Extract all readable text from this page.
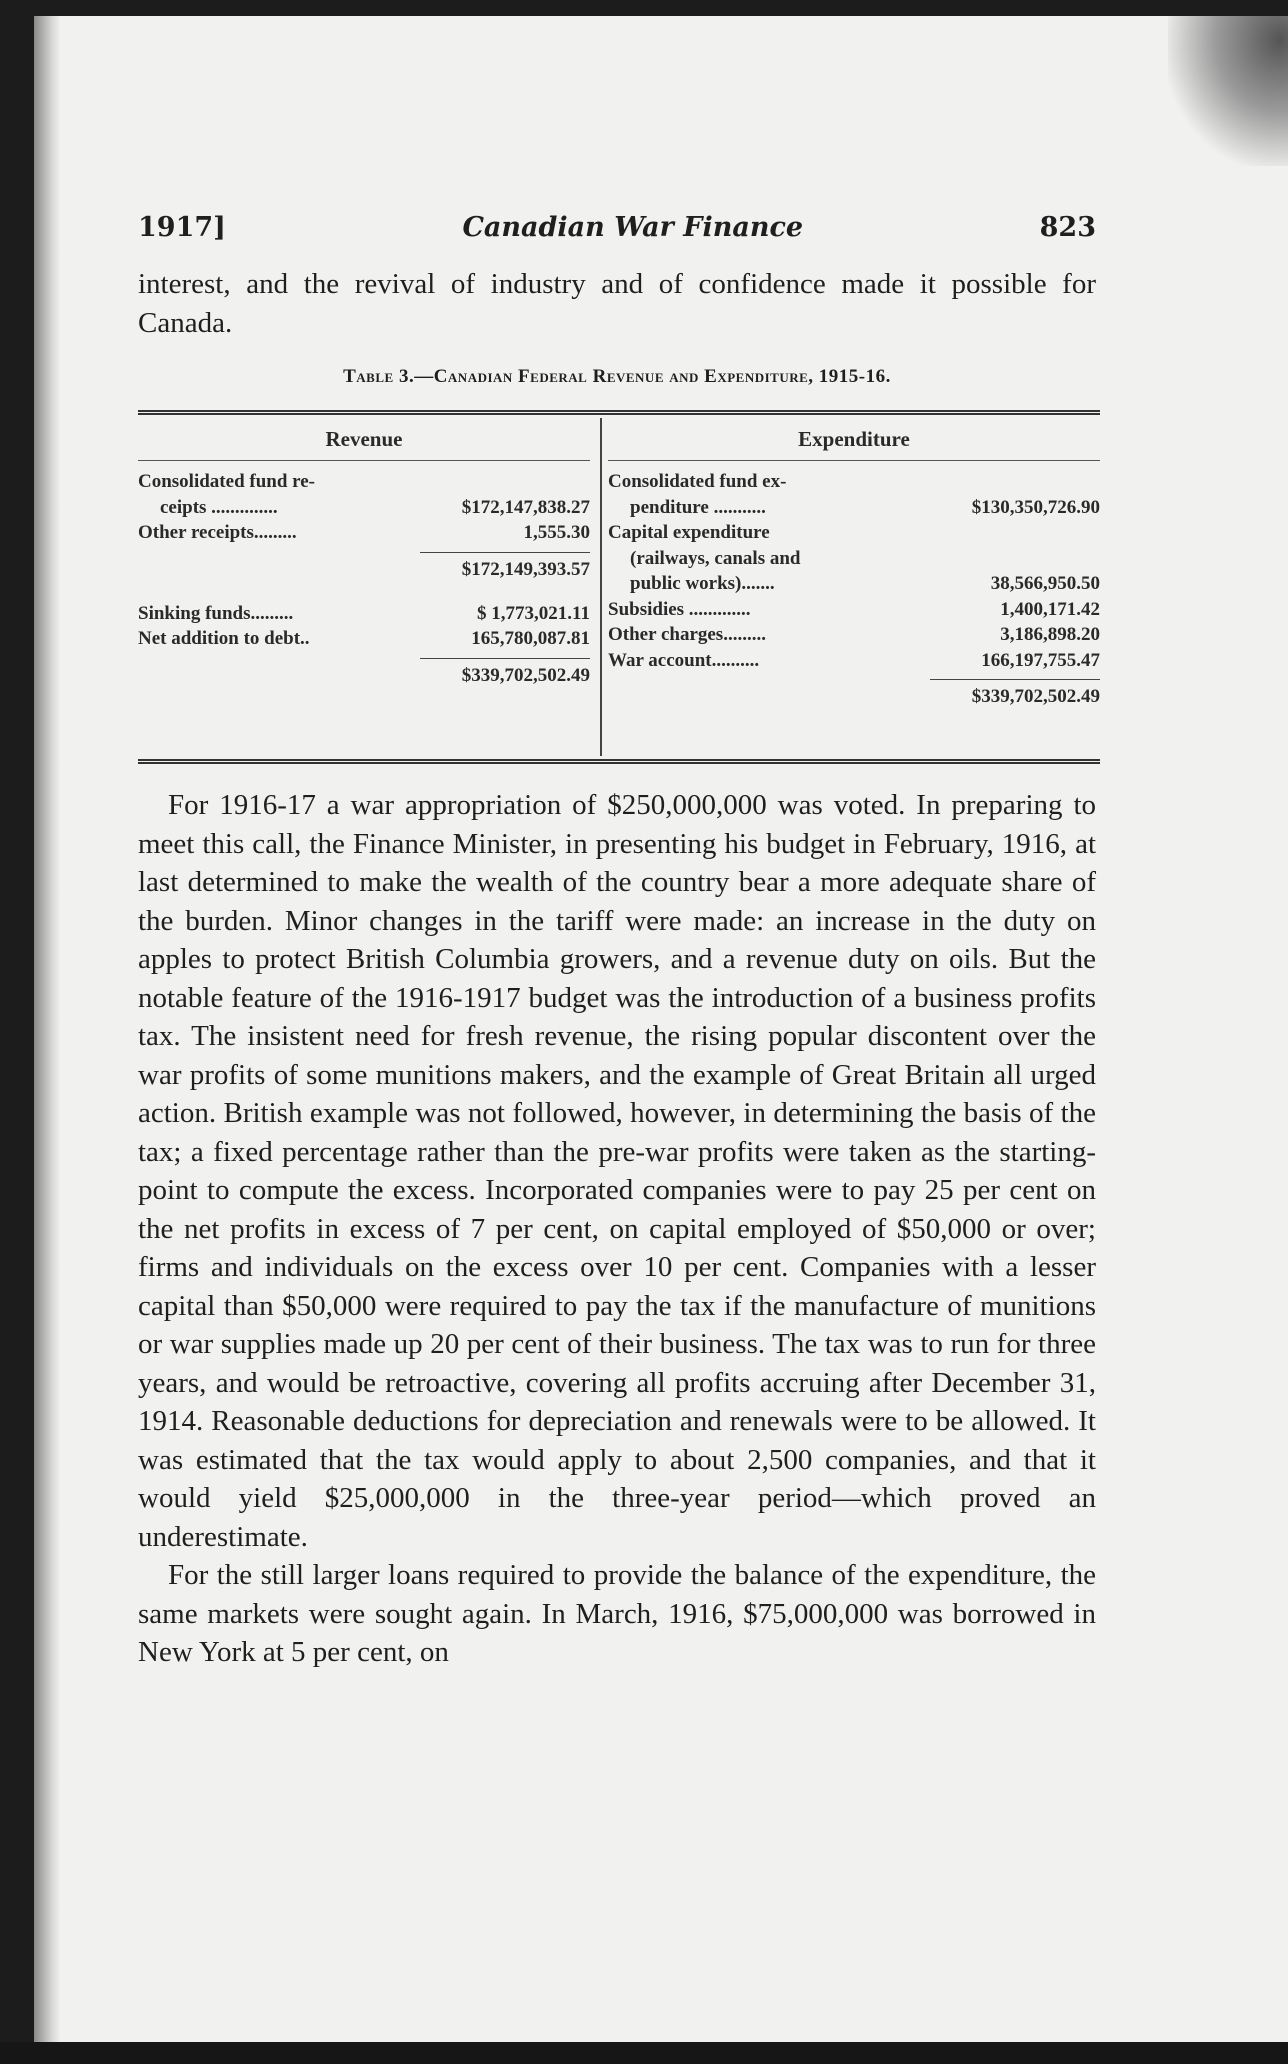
1917]	Canadian War Finance	823

interest, and the revival of industry and of confidence made it possible for Canada.

Table 3.—Canadian Federal Revenue and Expenditure, 1915-16.
Revenue
Consolidated fund re-
ceipts ..............	$172,147,838.27
Other receipts.........	1,555.30
$172,149,393.57
Sinking funds.........	$ 1,773,021.11
Net addition to debt..	165,780,087.81
$339,702,502.49
Expenditure
Consolidated fund ex-
penditure ...........	$130,350,726.90
Capital expenditure
(railways, canals and
public works).......	38,566,950.50
Subsidies .............	1,400,171.42
Other charges.........	3,186,898.20
War account..........	166,197,755.47
$339,702,502.49

For 1916-17 a war appropriation of $250,000,000 was voted. In preparing to meet this call, the Finance Minister, in presenting his budget in February, 1916, at last determined to make the wealth of the country bear a more adequate share of the burden. Minor changes in the tariff were made: an increase in the duty on apples to protect British Columbia growers, and a revenue duty on oils. But the notable feature of the 1916-1917 budget was the introduction of a business profits tax. The insistent need for fresh revenue, the rising popular discontent over the war profits of some munitions makers, and the example of Great Britain all urged action. British example was not followed, however, in determining the basis of the tax; a fixed percentage rather than the pre-war profits were taken as the starting-point to compute the excess. Incorporated companies were to pay 25 per cent on the net profits in excess of 7 per cent, on capital employed of $50,000 or over; firms and individuals on the excess over 10 per cent. Companies with a lesser capital than $50,000 were required to pay the tax if the manufacture of munitions or war supplies made up 20 per cent of their business. The tax was to run for three years, and would be retroactive, covering all profits accruing after December 31, 1914. Reasonable deductions for depreciation and renewals were to be allowed. It was estimated that the tax would apply to about 2,500 companies, and that it would yield $25,000,000 in the three-year period—which proved an underestimate.

For the still larger loans required to provide the balance of the expenditure, the same markets were sought again. In March, 1916, $75,000,000 was borrowed in New York at 5 per cent, on
